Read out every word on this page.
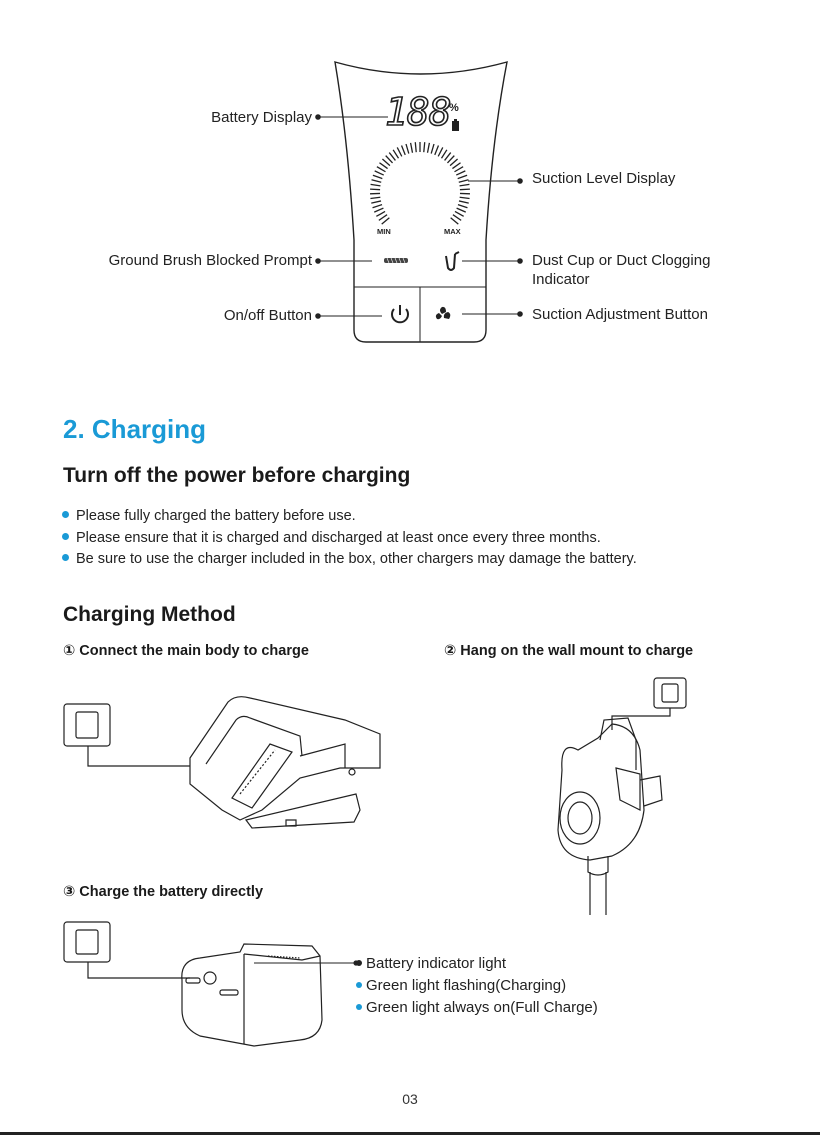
188
%
MIN	MAX
Battery Display
Suction Level Display
Ground Brush Blocked Prompt	Dust Cup or Duct Clogging
Indicator
On/off Button	Suction Adjustment Button
2. Charging
Turn off the power before charging
Please fully charged the battery before use.
Please ensure that it is charged and discharged at least once every three months.
Be sure to use the charger included in the box, other chargers may damage the battery.
Charging Method
① Connect the main body to charge	② Hang on the wall mount to charge
③ Charge the battery directly
Battery indicator light
Green light flashing(Charging)
Green light always on(Full Charge)
03
